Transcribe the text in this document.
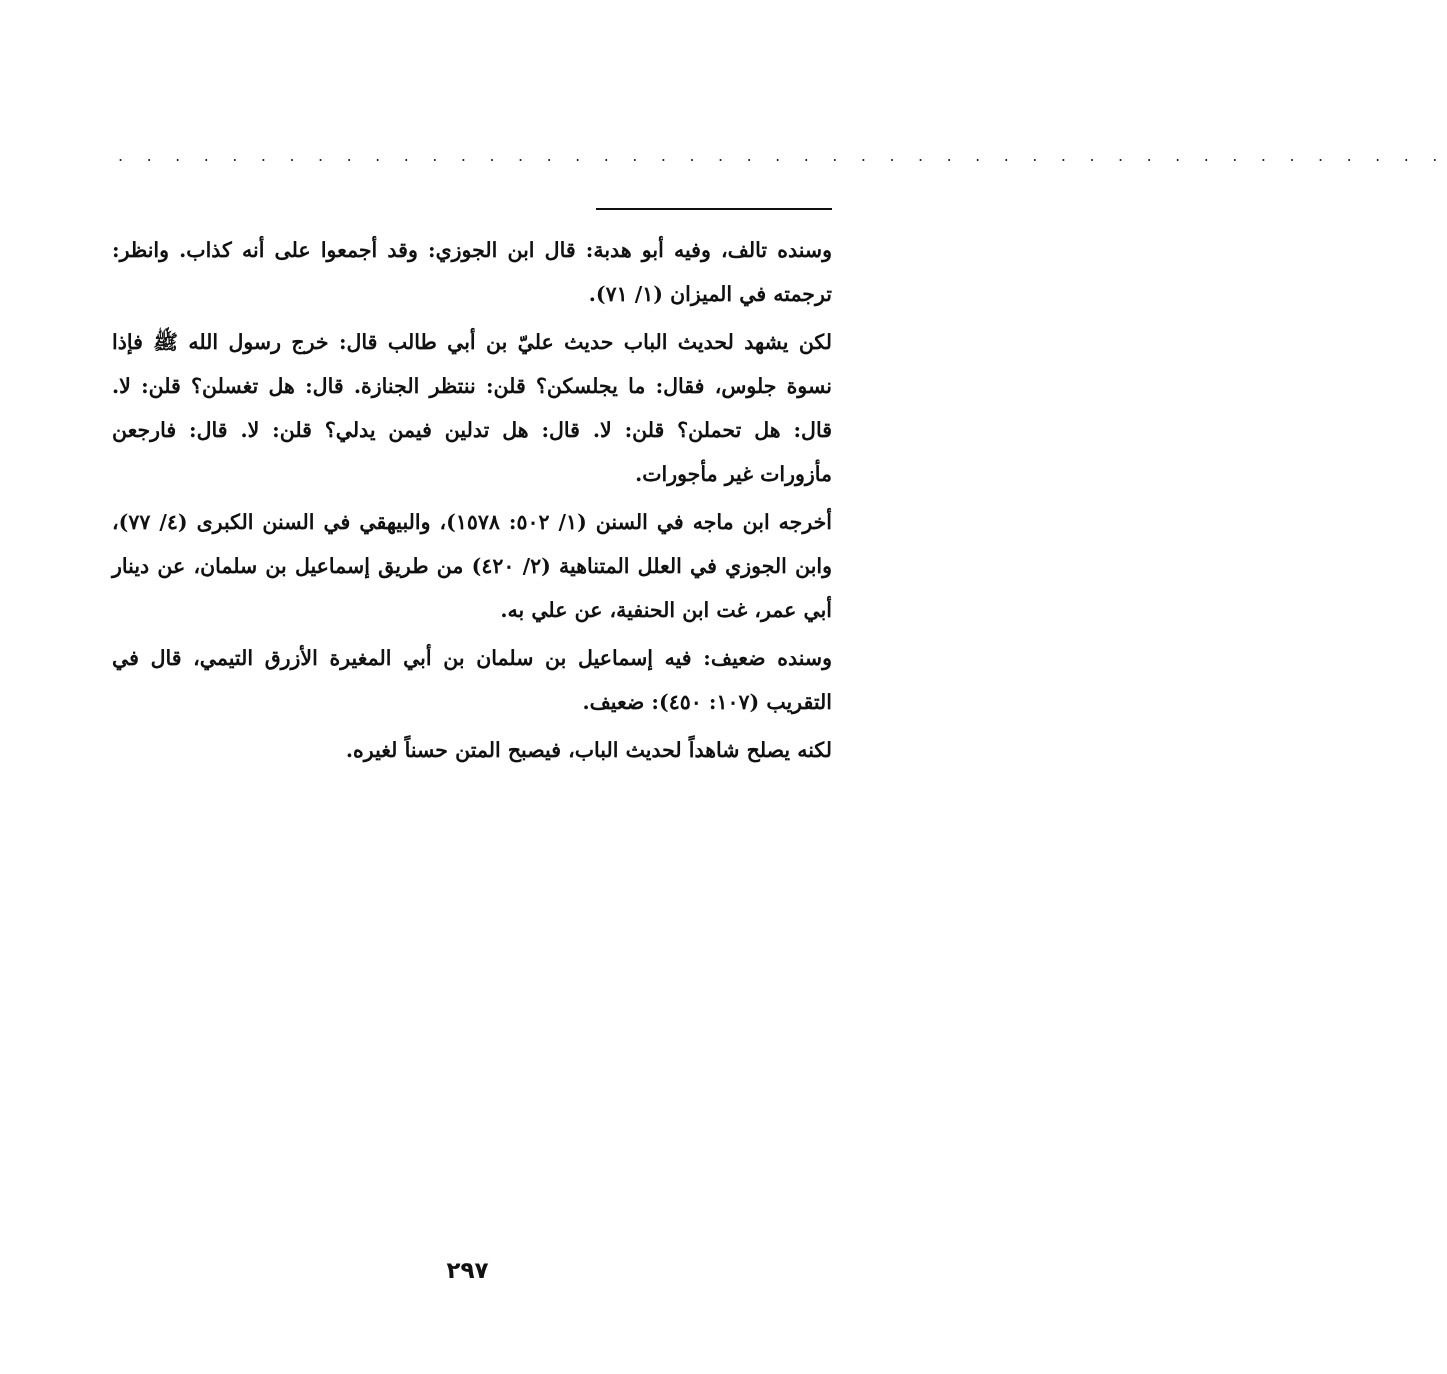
. . . . . . . . . . . . . . . . . . . . . . . . . . . . . . . . . . . . . . . . . . . . . . .

وسنده تالف، وفيه أبو هدبة: قال ابن الجوزي: وقد أجمعوا على أنه كذاب. وانظر: ترجمته في الميزان (١/ ٧١).

لكن يشهد لحديث الباب حديث عليّ بن أبي طالب قال: خرج رسول الله ﷺ فإذا نسوة جلوس، فقال: ما يجلسكن؟ قلن: ننتظر الجنازة. قال: هل تغسلن؟ قلن: لا. قال: هل تحملن؟ قلن: لا. قال: هل تدلين فيمن يدلي؟ قلن: لا. قال: فارجعن مأزورات غير مأجورات.

أخرجه ابن ماجه في السنن (١/ ٥٠٢: ١٥٧٨)، والبيهقي في السنن الكبرى (٤/ ٧٧)، وابن الجوزي في العلل المتناهية (٢/ ٤٢٠) من طريق إسماعيل بن سلمان، عن دينار أبي عمر، غت ابن الحنفية، عن علي به.

وسنده ضعيف: فيه إسماعيل بن سلمان بن أبي المغيرة الأزرق التيمي، قال في التقريب (١٠٧: ٤٥٠): ضعيف.

لكنه يصلح شاهداً لحديث الباب، فيصبح المتن حسناً لغيره.

٢٩٧
